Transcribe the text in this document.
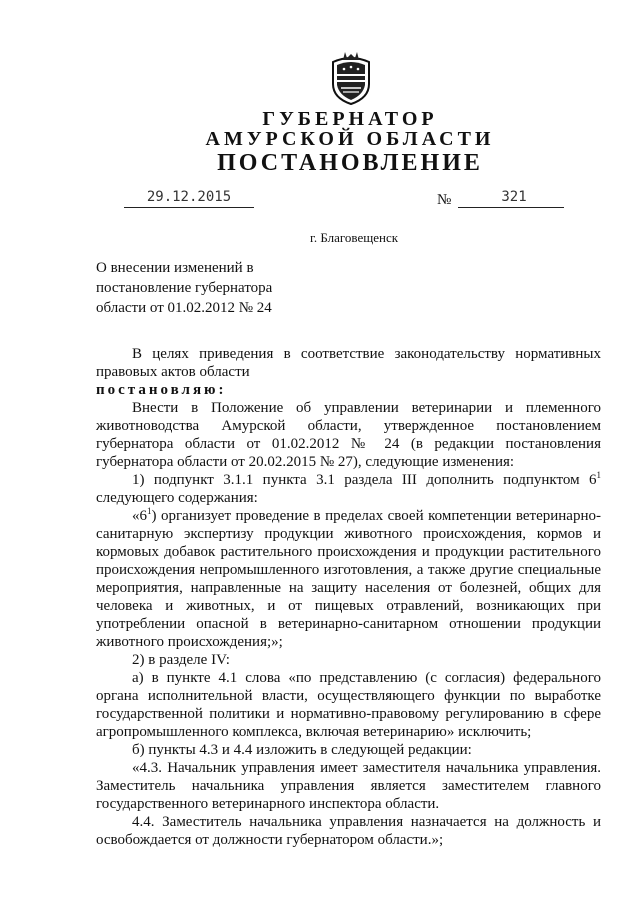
ГУБЕРНАТОР
АМУРСКОЙ ОБЛАСТИ
ПОСТАНОВЛЕНИЕ
29.12.2015	№	321
г. Благовещенск
О внесении изменений в
постановление губернатора
области от 01.02.2012 № 24

В целях приведения в соответствие законодательству нормативных

правовых актов области

постановляю:

Внести в Положение об управлении ветеринарии и племенного

животноводства Амурской области, утвержденное постановлением

губернатора области от 01.02.2012 № 24 (в редакции постановления

губернатора области от 20.02.2015 № 27), следующие изменения:

1) подпункт 3.1.1 пункта 3.1 раздела III дополнить подпунктом $6^1$

следующего содержания:

«$6^1$) организует проведение в пределах своей компетенции ветеринарно-

санитарную экспертизу продукции животного происхождения, кормов и

кормовых добавок растительного происхождения и продукции растительного

происхождения непромышленного изготовления, а также другие специальные

мероприятия, направленные на защиту населения от болезней, общих для

человека и животных, и от пищевых отравлений, возникающих при

употреблении опасной в ветеринарно-санитарном отношении продукции

животного происхождения;»;

2) в разделе IV:

а) в пункте 4.1 слова «по представлению (с согласия) федерального

органа исполнительной власти, осуществляющего функции по выработке

государственной политики и нормативно-правовому регулированию в сфере

агропромышленного комплекса, включая ветеринарию» исключить;

б) пункты 4.3 и 4.4 изложить в следующей редакции:

«4.3. Начальник управления имеет заместителя начальника управления.

Заместитель начальника управления является заместителем главного

государственного ветеринарного инспектора области.

4.4. Заместитель начальника управления назначается на должность и

освобождается от должности губернатором области.»;
